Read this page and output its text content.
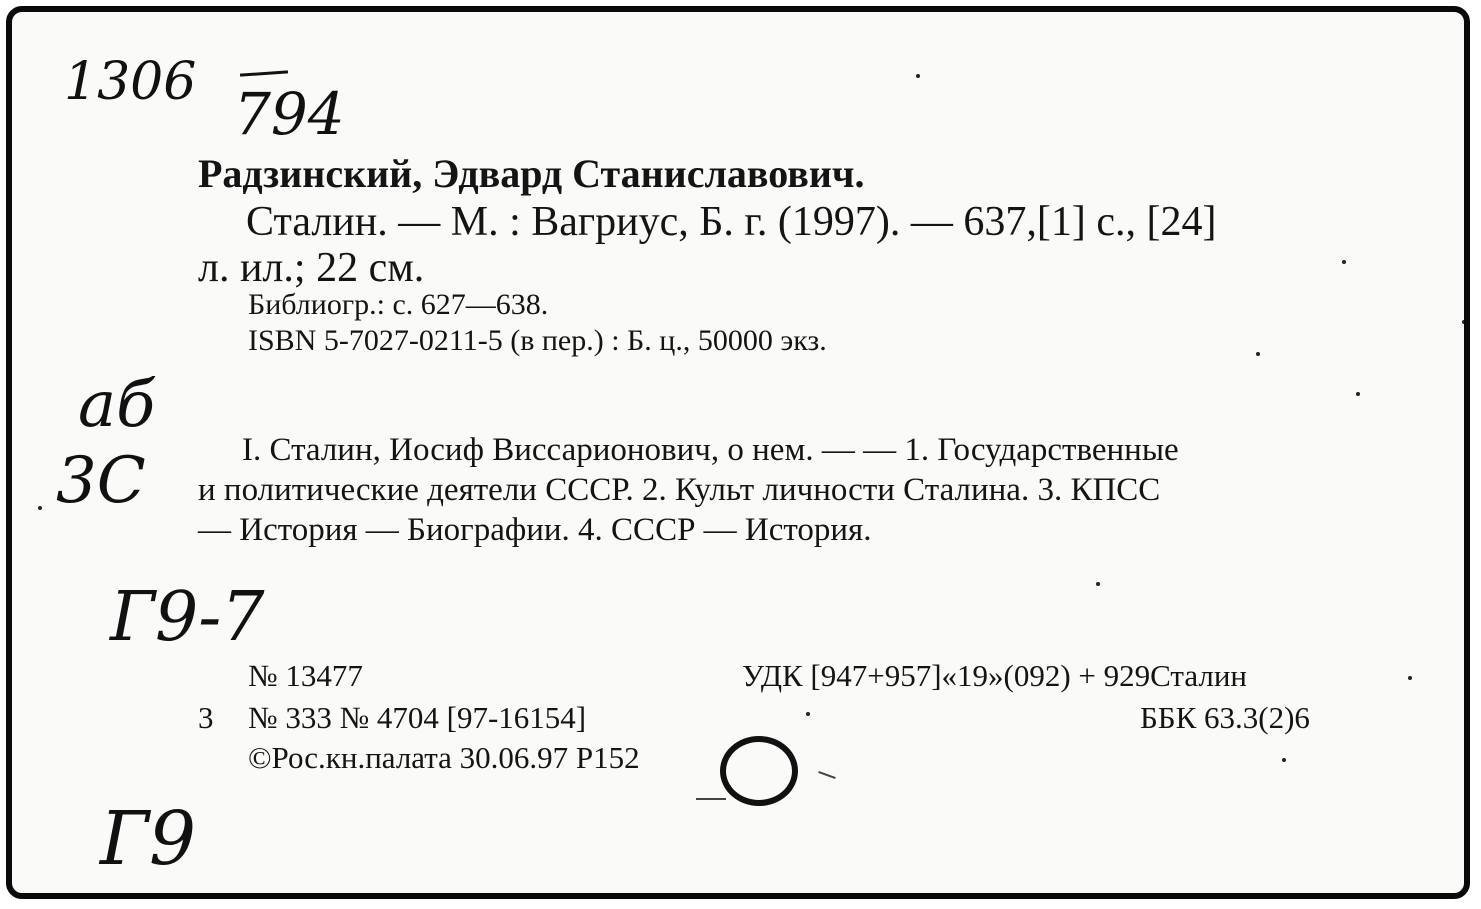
1306 794
аб
3С
Г9-7
Г9
Радзинский, Эдвард Станиславович.
Сталин. — М. : Вагриус, Б. г. (1997). — 637,[1] с., [24]
л. ил.; 22 см.
Библиогр.: с. 627—638.
ISBN 5-7027-0211-5 (в пер.) : Б. ц., 50000 экз.
I. Сталин, Иосиф Виссарионович, о нем. — — 1. Государственные
и политические деятели СССР. 2. Культ личности Сталина. 3. КПСС
— История — Биографии. 4. СССР — История.
№ 13477
3 № 333 № 4704 [97-16154]
©Рос.кн.палата 30.06.97 Р152
УДК [947+957]«19»(092) + 929Сталин
ББК 63.3(2)6
